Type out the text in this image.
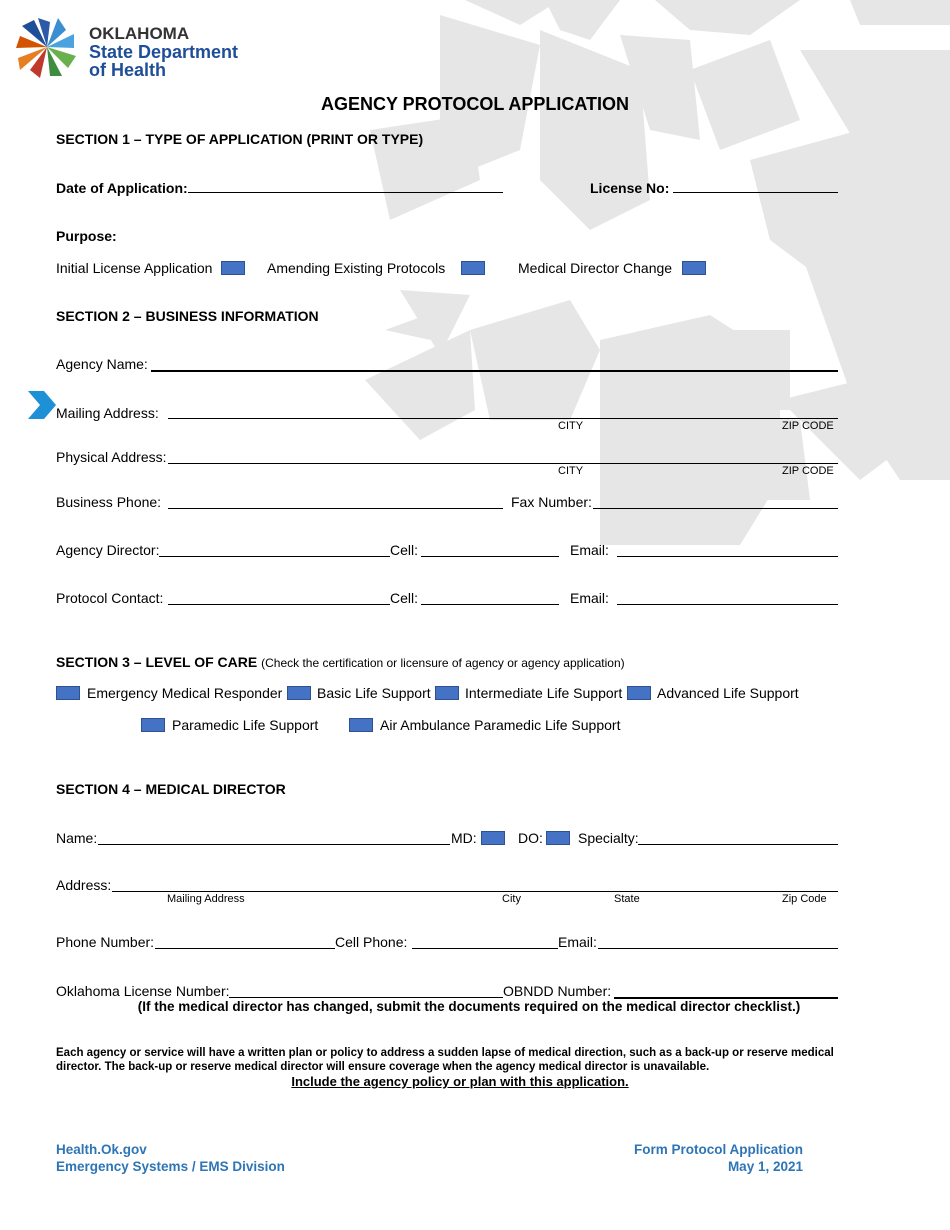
OKLAHOMA
State Department
of Health
AGENCY PROTOCOL APPLICATION
SECTION 1 – TYPE OF APPLICATION (PRINT OR TYPE)
Date of Application:	License No:
Purpose:
Initial License Application	Amending Existing Protocols	Medical Director Change
SECTION 2 – BUSINESS INFORMATION
Agency Name:
Mailing Address:
CITY	ZIP CODE
Physical Address:
CITY	ZIP CODE
Business Phone:	Fax Number:
Agency Director:	Cell:	Email:
Protocol Contact:	Cell:	Email:
SECTION 3 – LEVEL OF CARE (Check the certification or licensure of agency or agency application)
Emergency Medical Responder Basic Life Support Intermediate Life Support Advanced Life Support
Paramedic Life Support	Air Ambulance Paramedic Life Support
SECTION 4 – MEDICAL DIRECTOR
Name:	MD:	DO:	Specialty:
Address:
Mailing Address	City	State	Zip Code
Phone Number:	Cell Phone:	Email:
Oklahoma License Number:	OBNDD Number:
(If the medical director has changed, submit the documents required on the medical director checklist.)
Each agency or service will have a written plan or policy to address a sudden lapse of medical direction, such as a back-up or reserve medical director. The back-up or reserve medical director will ensure coverage when the agency medical director is unavailable.
Include the agency policy or plan with this application.
Health.Ok.gov
Emergency Systems / EMS Division
Form Protocol Application
May 1, 2021
